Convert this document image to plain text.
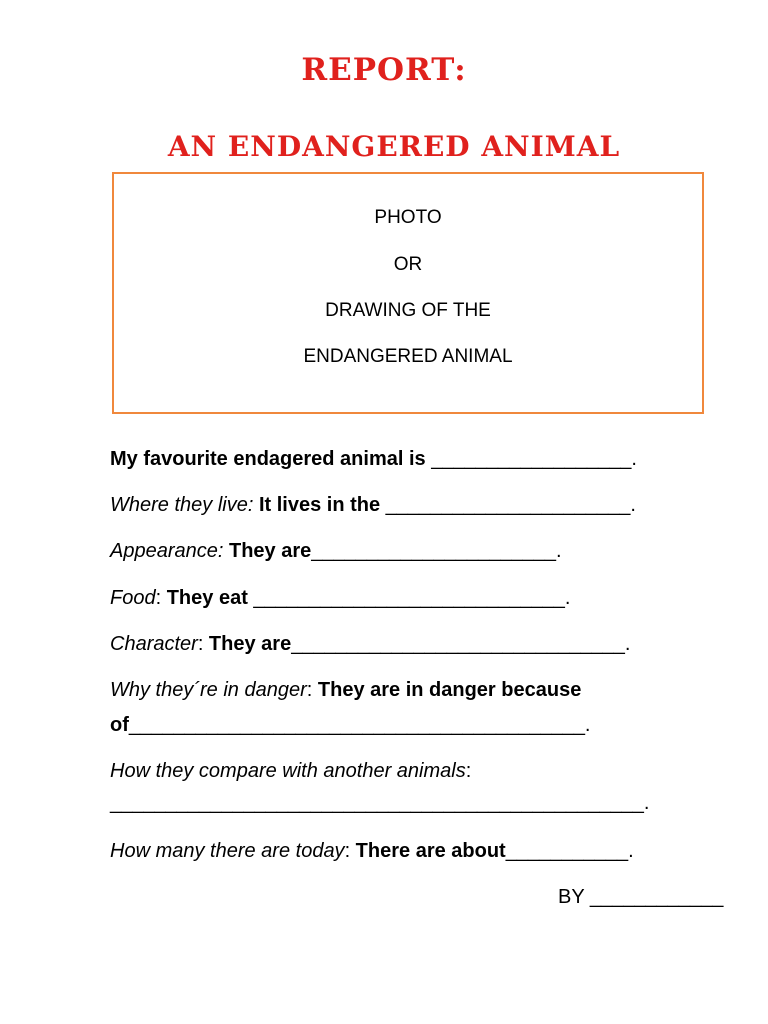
REPORT:
AN ENDANGERED ANIMAL
PHOTO
OR
DRAWING OF THE
ENDANGERED ANIMAL
My favourite endagered animal is __________________.
Where they live: It lives in the ______________________.
Appearance: They are______________________.
Food: They eat ____________________________.
Character: They are______________________________.
Why they´re in danger: They are in danger because
of_________________________________________.
How they compare with another animals:
________________________________________________.
How many there are today: There are about___________.
BY ____________
